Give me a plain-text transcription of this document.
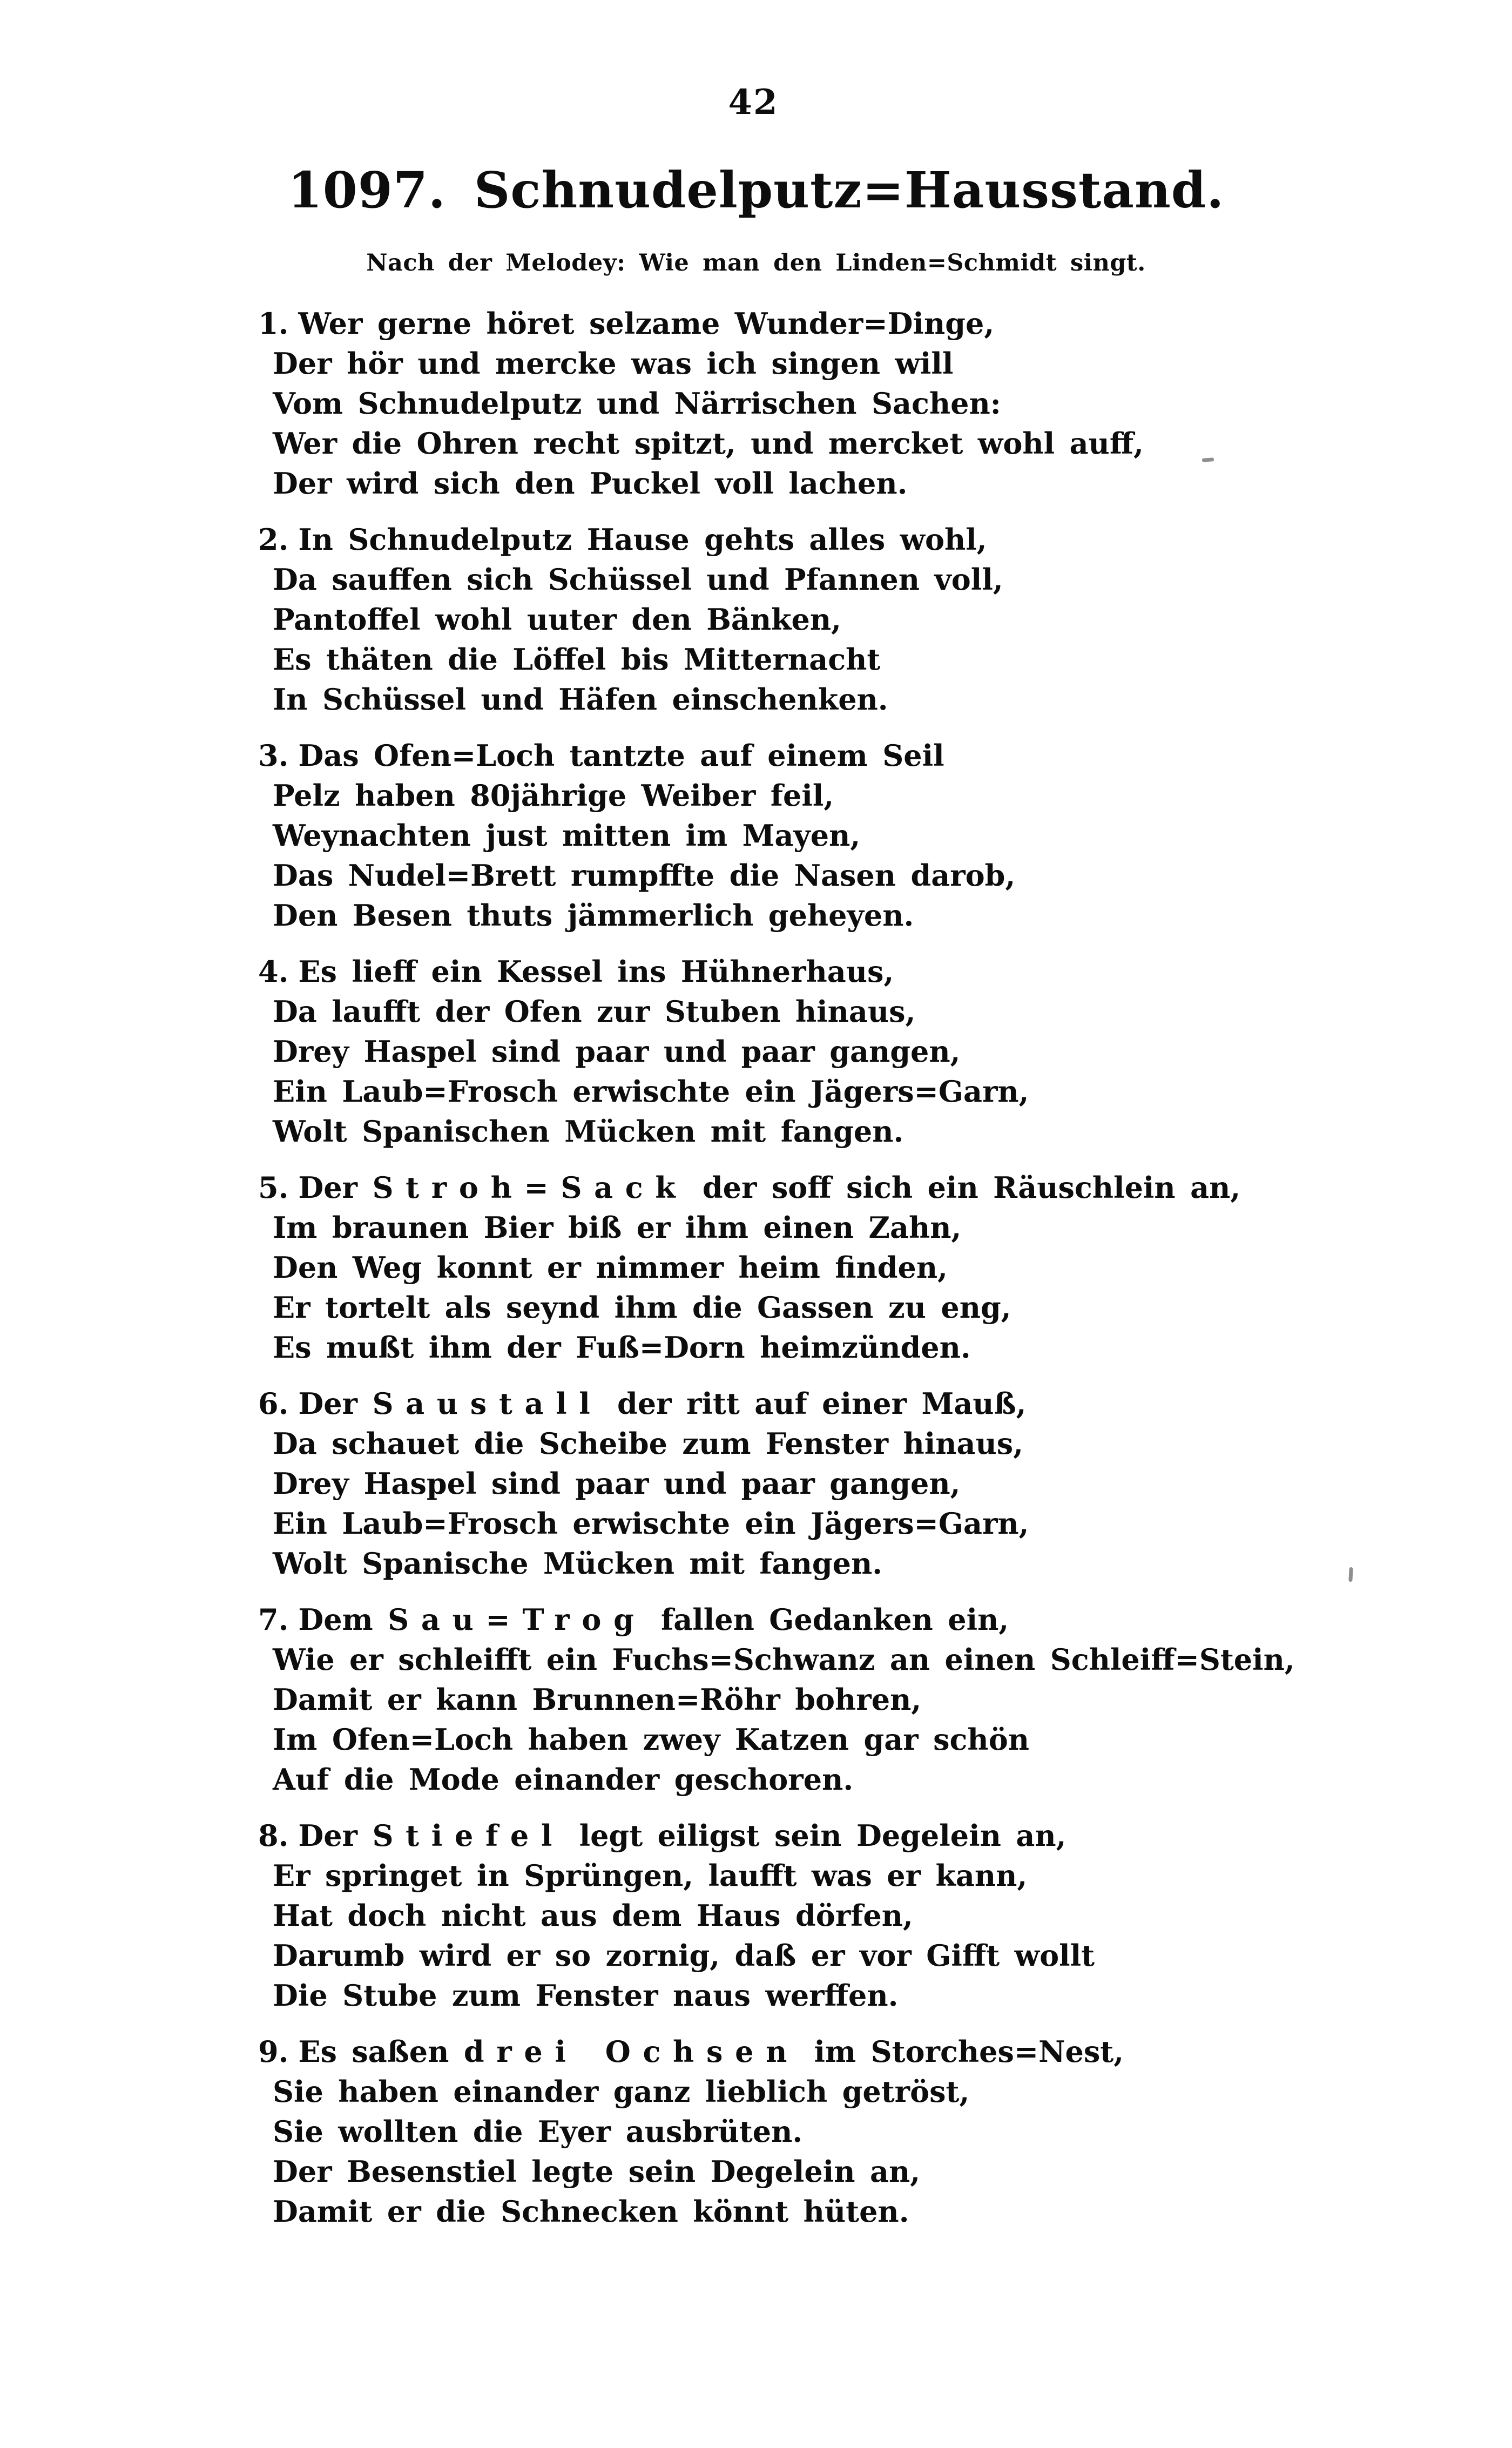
42
1097. Schnudelputz=Hausstand.
Nach der Melodey: Wie man den Linden=Schmidt singt.
1. Wer gerne höret selzame Wunder=Dinge,
Der hör und mercke was ich singen will
Vom Schnudelputz und Närrischen Sachen:
Wer die Ohren recht spitzt, und mercket wohl auff,
Der wird sich den Puckel voll lachen.
2. In Schnudelputz Hause gehts alles wohl,
Da sauffen sich Schüssel und Pfannen voll,
Pantoffel wohl uuter den Bänken,
Es thäten die Löffel bis Mitternacht
In Schüssel und Häfen einschenken.
3. Das Ofen=Loch tantzte auf einem Seil
Pelz haben 80jährige Weiber feil,
Weynachten just mitten im Mayen,
Das Nudel=Brett rumpffte die Nasen darob,
Den Besen thuts jämmerlich geheyen.
4. Es lieff ein Kessel ins Hühnerhaus,
Da laufft der Ofen zur Stuben hinaus,
Drey Haspel sind paar und paar gangen,
Ein Laub=Frosch erwischte ein Jägers=Garn,
Wolt Spanischen Mücken mit fangen.
5. Der Stroh=Sack der soff sich ein Räuschlein an,
Im braunen Bier biß er ihm einen Zahn,
Den Weg konnt er nimmer heim finden,
Er tortelt als seynd ihm die Gassen zu eng,
Es mußt ihm der Fuß=Dorn heimzünden.
6. Der Saustall der ritt auf einer Mauß,
Da schauet die Scheibe zum Fenster hinaus,
Drey Haspel sind paar und paar gangen,
Ein Laub=Frosch erwischte ein Jägers=Garn,
Wolt Spanische Mücken mit fangen.
7. Dem Sau=Trog fallen Gedanken ein,
Wie er schleifft ein Fuchs=Schwanz an einen Schleiff=Stein,
Damit er kann Brunnen=Röhr bohren,
Im Ofen=Loch haben zwey Katzen gar schön
Auf die Mode einander geschoren.
8. Der Stiefel legt eiligst sein Degelein an,
Er springet in Sprüngen, laufft was er kann,
Hat doch nicht aus dem Haus dörfen,
Darumb wird er so zornig, daß er vor Gifft wollt
Die Stube zum Fenster naus werffen.
9. Es saßen drei Ochsen im Storches=Nest,
Sie haben einander ganz lieblich getröst,
Sie wollten die Eyer ausbrüten.
Der Besenstiel legte sein Degelein an,
Damit er die Schnecken könnt hüten.
